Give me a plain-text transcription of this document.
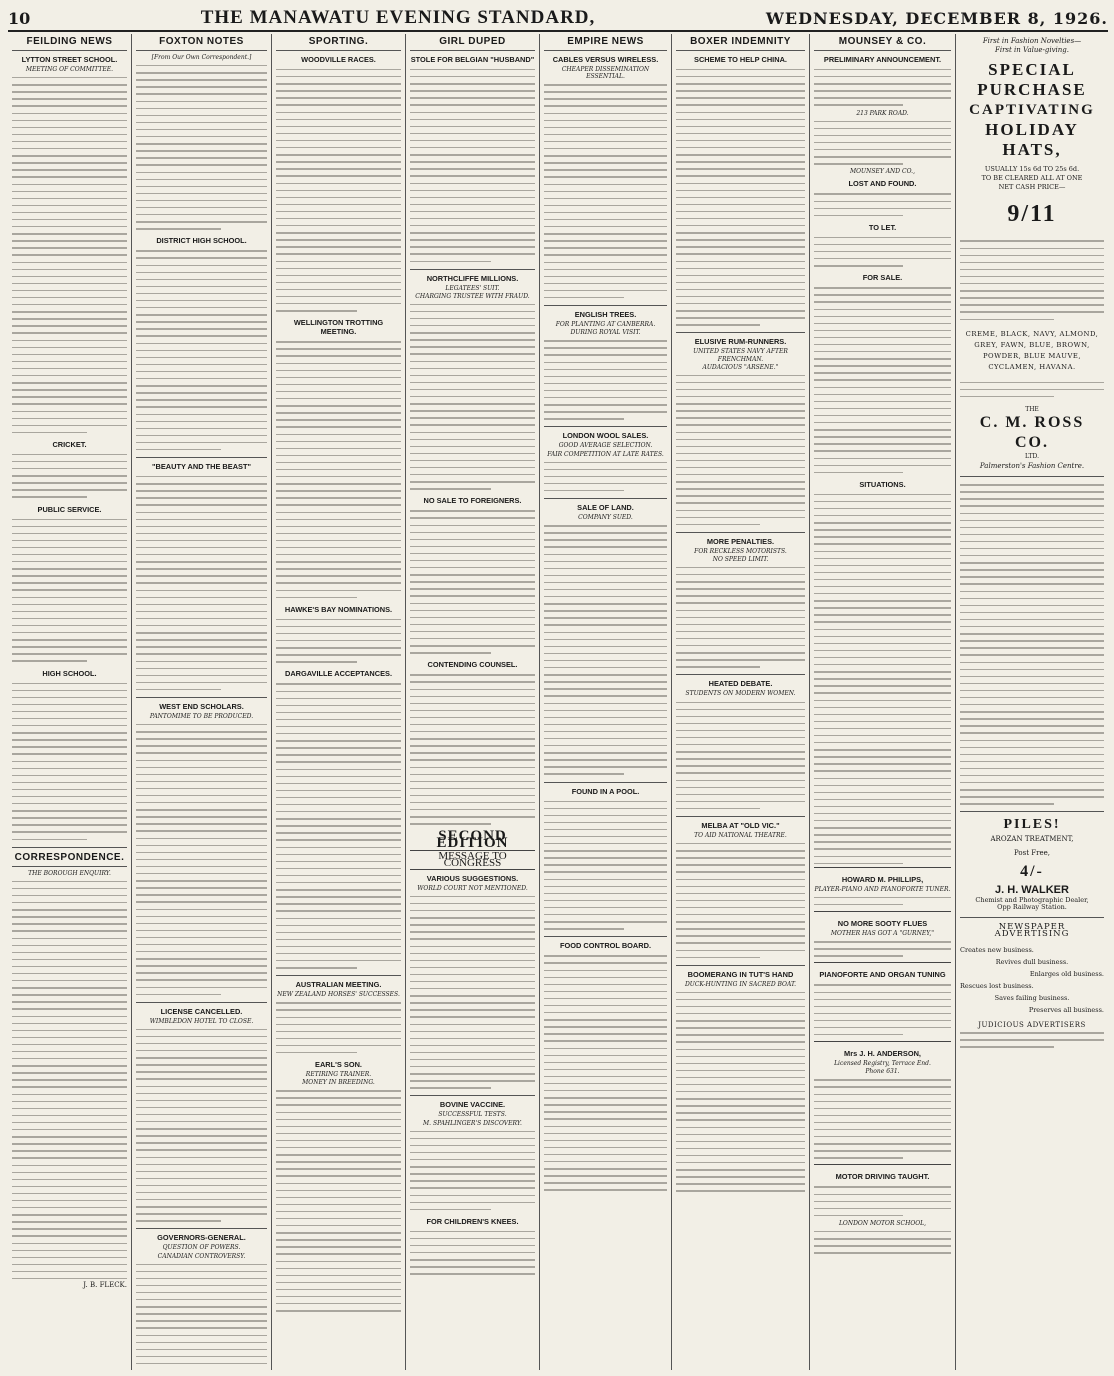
10	THE MANAWATU EVENING STANDARD,	WEDNESDAY, DECEMBER 8, 1926.
FEILDING NEWS
LYTTON STREET SCHOOL.
MEETING OF COMMITTEE.
CRICKET.
PUBLIC SERVICE.
HIGH SCHOOL.
CORRESPONDENCE.
THE BOROUGH ENQUIRY.
J. B. FLECK.
FOXTON NOTES
[From Our Own Correspondent.]
DISTRICT HIGH SCHOOL.
"BEAUTY AND THE BEAST"
WEST END SCHOLARS.
PANTOMIME TO BE PRODUCED.
LICENSE CANCELLED.
WIMBLEDON HOTEL TO CLOSE.
GOVERNORS-GENERAL.
QUESTION OF POWERS.
CANADIAN CONTROVERSY.
SPORTING.
WOODVILLE RACES.
WELLINGTON TROTTING MEETING.
HAWKE'S BAY NOMINATIONS.
DARGAVILLE ACCEPTANCES.
AUSTRALIAN MEETING.
NEW ZEALAND HORSES' SUCCESSES.
EARL'S SON.
RETIRING TRAINER.
MONEY IN BREEDING.
GIRL DUPED
STOLE FOR BELGIAN "HUSBAND"
NORTHCLIFFE MILLIONS.
LEGATEES' SUIT.
CHARGING TRUSTEE WITH FRAUD.
NO SALE TO FOREIGNERS.
CONTENDING COUNSEL.
SECOND EDITION
MESSAGE TO CONGRESS
VARIOUS SUGGESTIONS.
WORLD COURT NOT MENTIONED.
BOVINE VACCINE.
SUCCESSFUL TESTS.
M. SPAHLINGER'S DISCOVERY.
FOR CHILDREN'S KNEES.
EMPIRE NEWS
CABLES VERSUS WIRELESS.
CHEAPER DISSEMINATION ESSENTIAL.
ENGLISH TREES.
FOR PLANTING AT CANBERRA.
DURING ROYAL VISIT.
LONDON WOOL SALES.
GOOD AVERAGE SELECTION.
FAIR COMPETITION AT LATE RATES.
SALE OF LAND.
COMPANY SUED.
FOUND IN A POOL.
FOOD CONTROL BOARD.
BOXER INDEMNITY
SCHEME TO HELP CHINA.
ELUSIVE RUM-RUNNERS.
UNITED STATES NAVY AFTER FRENCHMAN.
AUDACIOUS "ARSENE."
MORE PENALTIES.
FOR RECKLESS MOTORISTS.
NO SPEED LIMIT.
HEATED DEBATE.
STUDENTS ON MODERN WOMEN.
MELBA AT "OLD VIC."
TO AID NATIONAL THEATRE.
BOOMERANG IN TUT'S HAND
DUCK-HUNTING IN SACRED BOAT.
MOUNSEY & CO.
PRELIMINARY ANNOUNCEMENT.
213 PARK ROAD.
MOUNSEY AND CO.,
LOST AND FOUND.
TO LET.
FOR SALE.
SITUATIONS.
HOWARD M. PHILLIPS,
PLAYER-PIANO AND PIANOFORTE TUNER.
NO MORE SOOTY FLUES
MOTHER HAS GOT A "GURNEY,"
PIANOFORTE AND ORGAN TUNING
Mrs J. H. ANDERSON,
Licensed Registry, Terrace End.
Phone 631.
MOTOR DRIVING TAUGHT.
LONDON MOTOR SCHOOL,
First in Fashion Novelties—
First in Value-giving.
SPECIAL
PURCHASE
CAPTIVATING
HOLIDAY
HATS,
USUALLY 15s 6d TO 25s 6d.
TO BE CLEARED ALL AT ONE
NET CASH PRICE—
9/11
CREME, BLACK, NAVY, ALMOND, GREY, FAWN, BLUE, BROWN, POWDER, BLUE MAUVE, CYCLAMEN, HAVANA.
THE
C. M. ROSS CO.
LTD.
Palmerston's Fashion Centre.
PILES!
AROZAN TREATMENT,
Post Free,
4/-
J. H. WALKER
Chemist and Photographic Dealer,
Opp Railway Station.
NEWSPAPER
ADVERTISING
Creates new business.
Revives dull business.
Enlarges old business.
Rescues lost business.
Saves failing business.
Preserves all business.
JUDICIOUS ADVERTISERS
